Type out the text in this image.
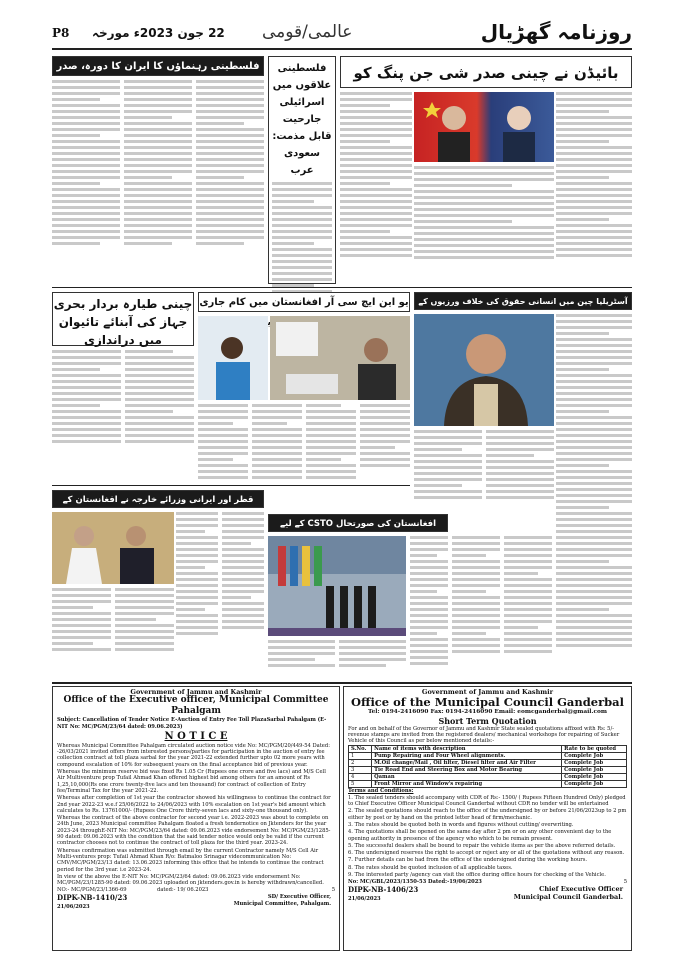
روزنامہ گھڑیال
عالمی/قومی
P8	22 جون 2023ء مورخہ
بائیڈن نے چینی صدر شی جن پنگ کو
فلسطینی رہنماؤں کا ایران کا دورہ، صدر	فلسطینی علاقوں میں اسرائیلی جارحیت قابل مذمت: سعودی عرب
آسٹریلیا چین میں انسانی حقوق کی خلاف ورزیوں کے
یو این ایچ سی آر افغانستان میں کام جاری
چینی طیارہ بردار بحری جہاز کی آبنائے تائیوان میں دراندازی
قطر اور ایرانی وزرائے خارجہ نے افغانستان کے پر
افغانستان کی صورتحال CSTO کے لیے
Government of Jammu and Kashmir
Office of the Executive officer, Municipal Committee Pahalgam

Subject: Cancellation of Tender Notice E-Auction of Entry Fee Toll PlazaSarbal Pahalgam (E-NIT No: MC/PGM/23/64 dated: 09.06.2023)

N O T I C E

Whereas Municipal Committee Pahalgam circulated auction notice vide No: MC/PGM/20/449-54 Dated: -26/03/2021 invited offers from interested persons/parties for participation in the auction of entry fee collection contract at toll plaza sarbal for the year 2021-22 extended further upto 02 more years with compound escalation of 10% for subsequent years on the final acceptance bid of previous year.

Whereas the minimum reserve bid was fixed Rs 1.05 Cr (Rupees one crore and five lacs) and M/S Cell Air Multiventure prop Tufail Ahmad Khan offered highest bid among others for an amount of Rs 1,25,10,000(Rs one crore twenty-five lacs and ten thousand) for contract of collection of Entry fee/Terminal Tax for the year 2021-22.

Whereas after completion of 1st year the contractor showed his willingness to continue the contract for 2nd year 2022-23 w.e.f 25/06/2022 to 24/06/2023 with 10% escalation on 1st year's bid amount which calculates to Rs. 13761000/- (Rupees One Crore thirty-seven lacs and sixty-one thousand only).

Whereas the contract of the above contractor for second year i.e. 2022-2023 was about to complete on 24th June, 2023 Municipal committee Pahalgam floated a fresh tendernotice on Jktenders for the year 2023-24 throughE-NIT No: MC/PGM/23/64 dated: 09.06.2023 vide endorsement No: MC/PGM/23/1285-90 dated: 09.06.2023 with the condition that the said tender notice would only be valid if the current contractor chooses not to continue the contract of toll plaza for the third year. 2023-24.

Whereas confirmation was submitted through email by the current Contractor namely M/S Cell Air Multi-ventures prop: Tufail Ahmad Khan R/o: Batmaloo Srinagar videcommunication No: CMV/MC/PGM/23/13 dated: 13.06.2023 informing this office that he intends to continue the contract period for the 3rd year. i.e 2023-24.

In view of the above the E-NIT No: MC/PGM/23/64 dated: 09.06.2023 vide endorsement No: MC/PGM/23/1285-90 dated: 09.06.2023 uploaded on jktenders.gov.in is hereby withdrawn/cancelled.

NO:- MC/PGM/23/1366-69	dated:- 19/ 06.2023	5
SD/ Executive Officer,
Municipal Committee, Pahalgam.
DIPK-NB-1410/23
21/06/2023
Government of Jammu and Kashmir
Office of the Municipal Council Ganderbal
Tel: 0194-2416090 Fax: 0194-2416090 Email: eomcganderbal@gmail.com
Short Term Quotation

For and on behalf of the Governor of Jammu and Kashmir State sealed quotations affixed with Rs: 5/- revenue stamps are invited from the registered dealers/ mechanical workshops for repairing of Sucker Vehicle of this Council as per below mentioned details:-

S.No.	Name of items with description	Rate to be quoted
1	Pump Repairing and Four Wheel alignments.	Complete Job
2	M.Oil change/Mail , Oil filter, Diesel filter and Air Filter	Complete Job
3	Tie Road End and Steering Box and Motor Bearing	Complete Job
4	Qaman	Complete Job
5	Front Mirror and Window's repairing	Complete Job
Terms and Conditions:

1. The sealed tenders should accompany with CDR of Rs:- 1500/ ( Rupees Fifteen Hundred Only) pledged to Chief Executive Officer Municipal Council Ganderbal without CDR no tender will be entertained

2. The sealed quotations should reach to the office of the undersigned by or before 21/06/2023up to 2 pm either by post or by hand on the printed letter head of firm/mechanic.

3. The rates should be quoted both in words and figures without cutting/ overwriting.

4. The quotations shall be opened on the same day after 2 pm or on any other convenient day to the opening authority in presence of the agency who which to be remain present.

5. The successful dealers shall be bound to repair the vehicle items as per the above referred details.

6. The undersigned reserves the right to accept or reject any or all of the quotations without any reason.

7. Further details can be had from the office of the undersigned during the working hours.

8. The rates should be quoted inclusion of all applicable taxes.

9. The interested party /agency can visit the office during office hours for checking of the Vehicle.

No: MC/GBL/2023/1350-53 Dated:-19/06/2023	5
Chief Executive Officer
Municipal Council Ganderbal.
DIPK-NB-1406/23
21/06/2023
